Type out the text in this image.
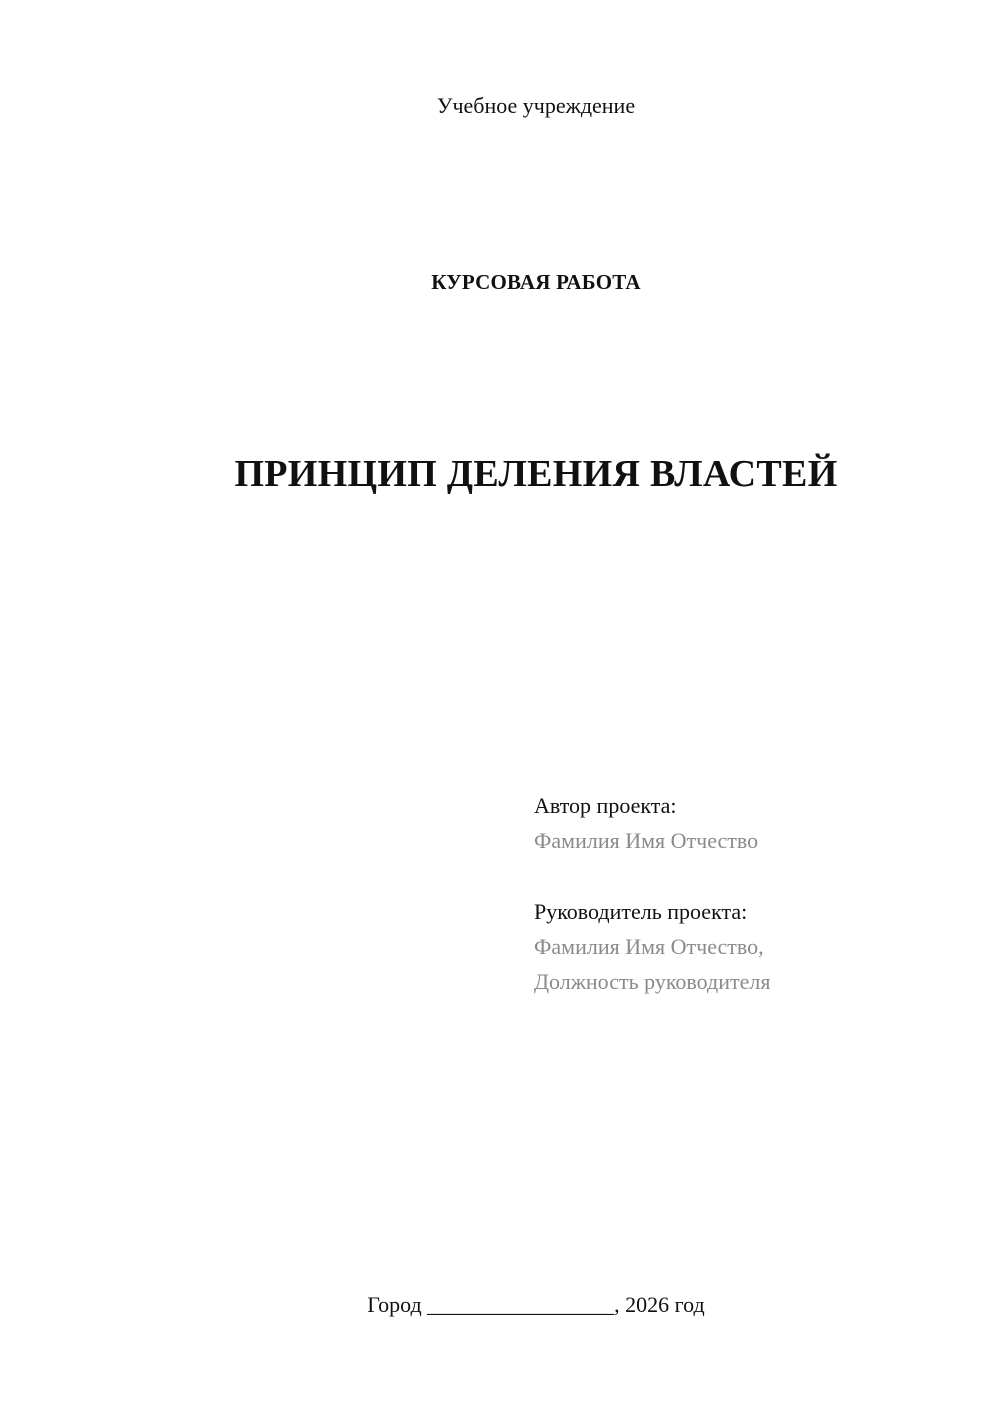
Учебное учреждение
КУРСОВАЯ РАБОТА
ПРИНЦИП ДЕЛЕНИЯ ВЛАСТЕЙ
Автор проекта:
Фамилия Имя Отчество
Руководитель проекта:
Фамилия Имя Отчество,
Должность руководителя
Город _________________, 2026 год
